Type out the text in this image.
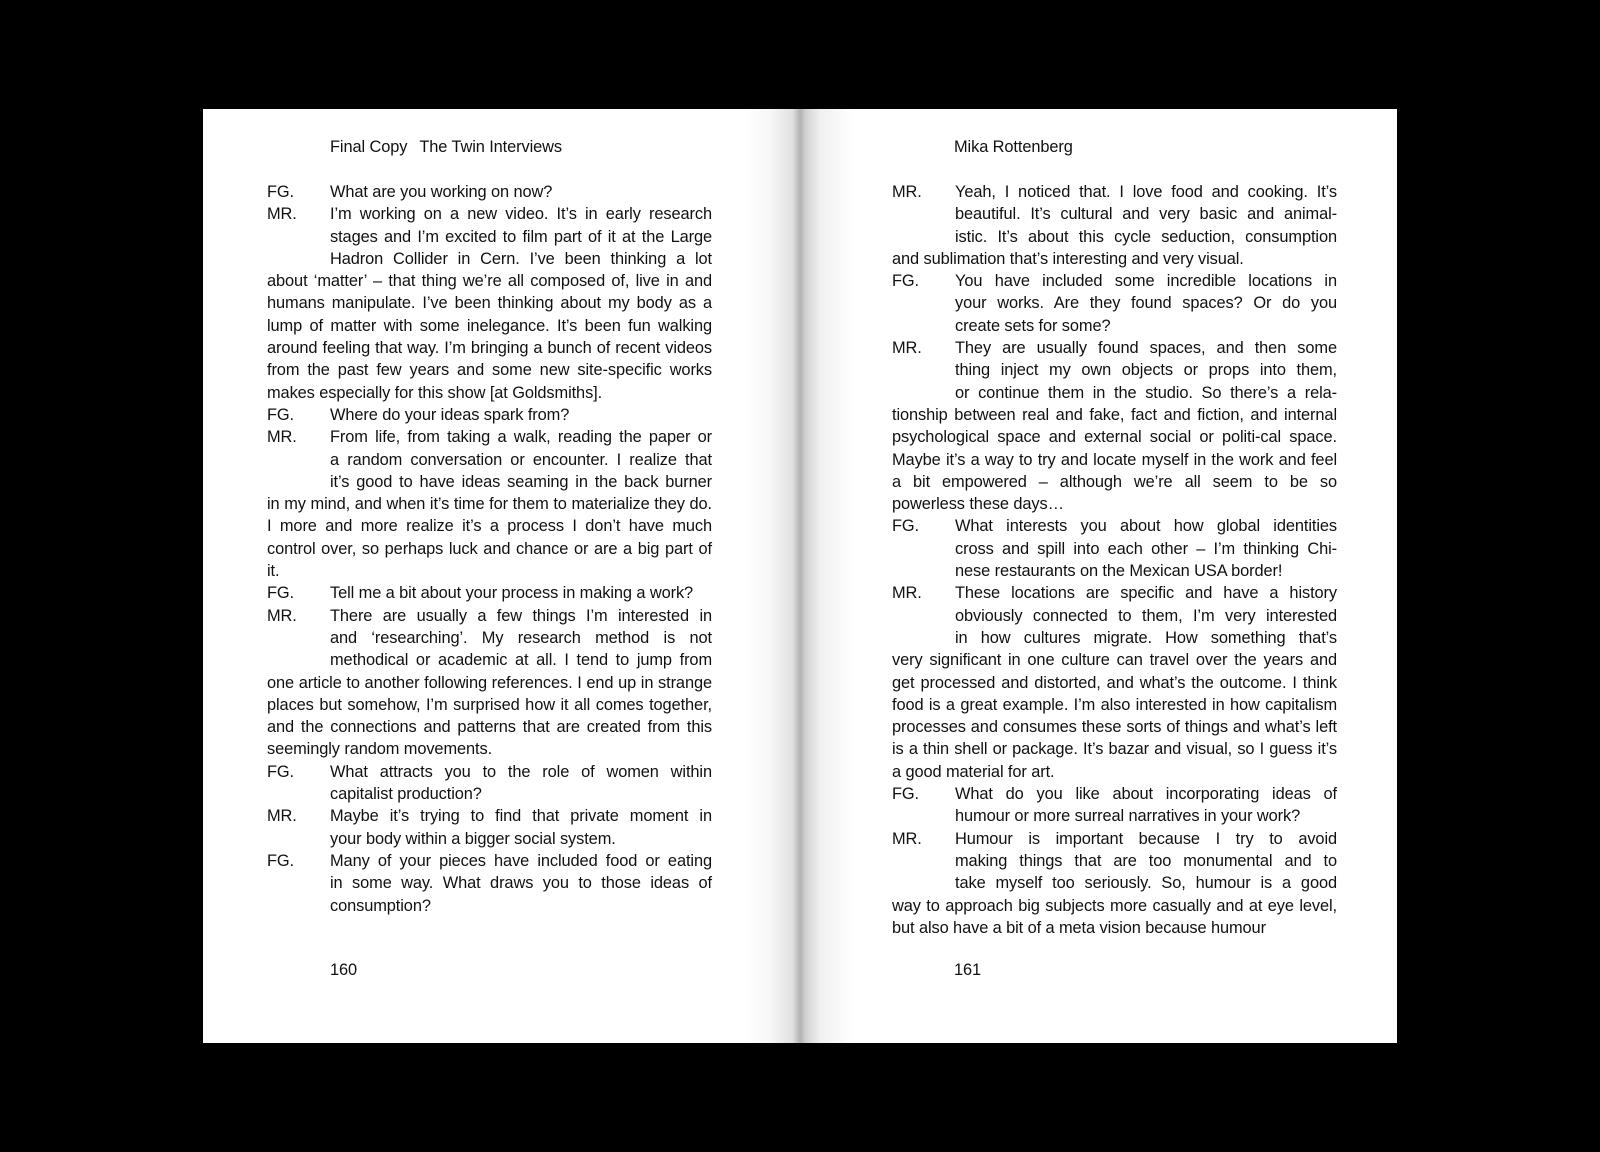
Final Copy The Twin Interviews
FG. What are you working on now?
MR. I’m working on a new video. It’s in early research
stages and I’m excited to film part of it at the Large
Hadron Collider in Cern. I’ve been thinking a lot
about ‘matter’ – that thing we’re all composed of, live in and humans manipulate. I’ve been thinking about my body as a lump of matter with some inelegance. It’s been fun walking around feeling that way. I’m bringing a bunch of recent videos from the past few years and some new site-specific works makes especially for this show [at Goldsmiths].
FG. Where do your ideas spark from?
MR. From life, from taking a walk, reading the paper or
a random conversation or encounter. I realize that
it’s good to have ideas seaming in the back burner
in my mind, and when it’s time for them to materialize they do. I more and more realize it’s a process I don’t have much control over, so perhaps luck and chance or are a big part of it.
FG. Tell me a bit about your process in making a work?
MR. There are usually a few things I’m interested in
and ‘researching’. My research method is not
methodical or academic at all. I tend to jump from
one article to another following references. I end up in strange places but somehow, I’m surprised how it all comes together, and the connections and patterns that are created from this seemingly random movements.
FG. What attracts you to the role of women within
capitalist production?
MR. Maybe it’s trying to find that private moment in
your body within a bigger social system.
FG. Many of your pieces have included food or eating
in some way. What draws you to those ideas of
consumption?
160
Mika Rottenberg
MR. Yeah, I noticed that. I love food and cooking. It’s
beautiful. It’s cultural and very basic and animal-
istic. It’s about this cycle seduction, consumption
and sublimation that’s interesting and very visual.
FG. You have included some incredible locations in
your works. Are they found spaces? Or do you
create sets for some?
MR. They are usually found spaces, and then some
thing inject my own objects or props into them,
or continue them in the studio. So there’s a rela-
tionship between real and fake, fact and fiction, and internal psychological space and external social or politi-cal space. Maybe it’s a way to try and locate myself in the work and feel a bit empowered – although we’re all seem to be so powerless these days…
FG. What interests you about how global identities
cross and spill into each other – I’m thinking Chi-
nese restaurants on the Mexican USA border!
MR. These locations are specific and have a history
obviously connected to them, I’m very interested
in how cultures migrate. How something that’s
very significant in one culture can travel over the years and get processed and distorted, and what’s the outcome. I think food is a great example. I’m also interested in how capitalism processes and consumes these sorts of things and what’s left is a thin shell or package. It’s bazar and visual, so I guess it’s a good material for art.
FG. What do you like about incorporating ideas of
humour or more surreal narratives in your work?
MR. Humour is important because I try to avoid
making things that are too monumental and to
take myself too seriously. So, humour is a good
way to approach big subjects more casually and at eye level, but also have a bit of a meta vision because humour
161
